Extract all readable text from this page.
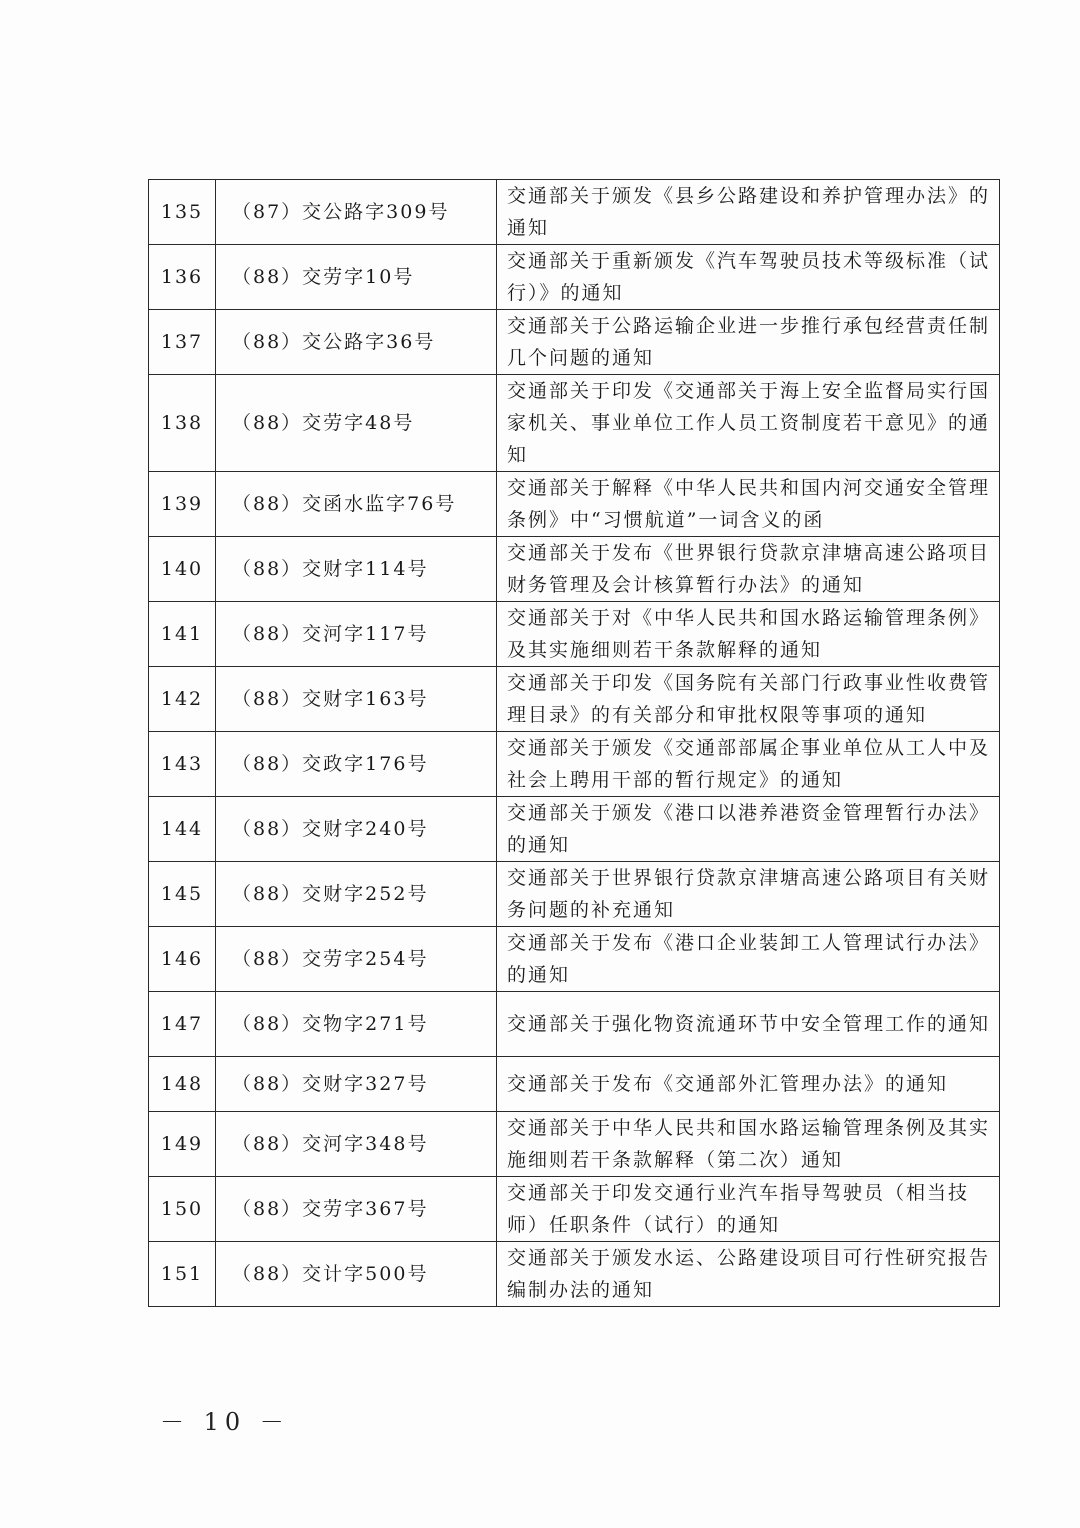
135	（87）交公路字309号	交通部关于颁发《县乡公路建设和养护管理办法》的通知
136	（88）交劳字10号	交通部关于重新颁发《汽车驾驶员技术等级标准（试行）》的通知
137	（88）交公路字36号	交通部关于公路运输企业进一步推行承包经营责任制几个问题的通知
138	（88）交劳字48号	交通部关于印发《交通部关于海上安全监督局实行国家机关、事业单位工作人员工资制度若干意见》的通知
139	（88）交函水监字76号	交通部关于解释《中华人民共和国内河交通安全管理条例》中“习惯航道”一词含义的函
140	（88）交财字114号	交通部关于发布《世界银行贷款京津塘高速公路项目财务管理及会计核算暂行办法》的通知
141	（88）交河字117号	交通部关于对《中华人民共和国水路运输管理条例》及其实施细则若干条款解释的通知
142	（88）交财字163号	交通部关于印发《国务院有关部门行政事业性收费管理目录》的有关部分和审批权限等事项的通知
143	（88）交政字176号	交通部关于颁发《交通部部属企事业单位从工人中及社会上聘用干部的暂行规定》的通知
144	（88）交财字240号	交通部关于颁发《港口以港养港资金管理暂行办法》的通知
145	（88）交财字252号	交通部关于世界银行贷款京津塘高速公路项目有关财务问题的补充通知
146	（88）交劳字254号	交通部关于发布《港口企业装卸工人管理试行办法》的通知
147	（88）交物字271号	交通部关于强化物资流通环节中安全管理工作的通知
148	（88）交财字327号	交通部关于发布《交通部外汇管理办法》的通知
149	（88）交河字348号	交通部关于中华人民共和国水路运输管理条例及其实施细则若干条款解释（第二次）通知
150	（88）交劳字367号	交通部关于印发交通行业汽车指导驾驶员（相当技师）任职条件（试行）的通知
151	（88）交计字500号	交通部关于颁发水运、公路建设项目可行性研究报告编制办法的通知
－ 10 －
